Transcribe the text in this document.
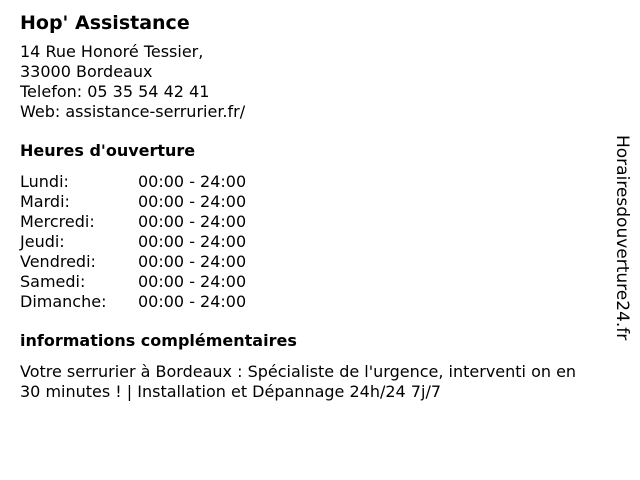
Hop' Assistance
14 Rue Honoré Tessier,
33000 Bordeaux
Telefon: 05 35 54 42 41
Web: assistance-serrurier.fr/
Heures d'ouverture
Lundi:	00:00 - 24:00
Mardi:	00:00 - 24:00
Mercredi:	00:00 - 24:00
Jeudi:	00:00 - 24:00
Vendredi:	00:00 - 24:00
Samedi:	00:00 - 24:00
Dimanche:	00:00 - 24:00
informations complémentaires
Votre serrurier à Bordeaux : Spécialiste de l'urgence, interventi on en 30 minutes ! | Installation et Dépannage 24h/24 7j/7
Horairesdouverture24.fr
